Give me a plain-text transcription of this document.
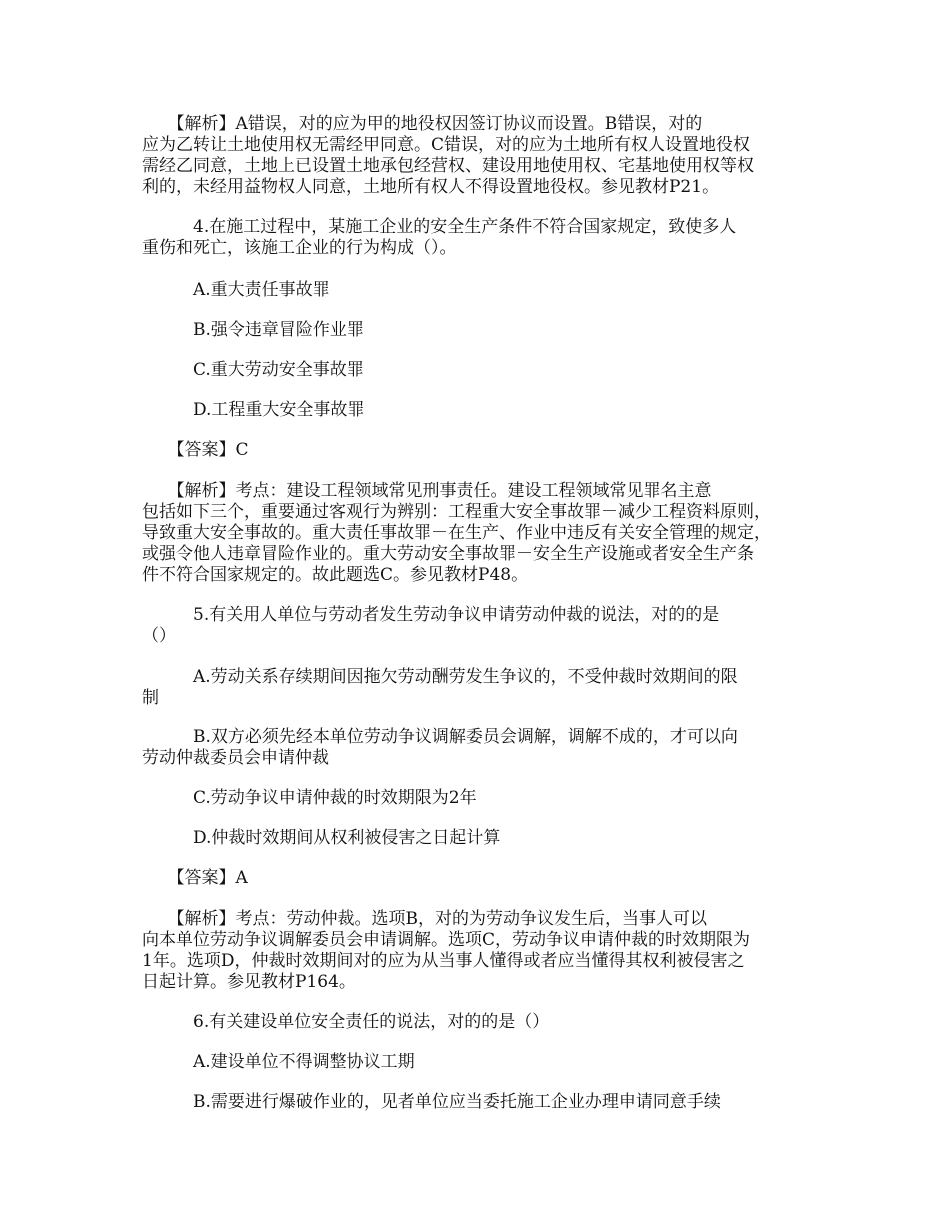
　　【解析】A错误，对的应为甲的地役权因签订协议而设置。B错误，对的
应为乙转让土地使用权无需经甲同意。C错误，对的应为土地所有权人设置地役权
需经乙同意，土地上已设置土地承包经营权、建设用地使用权、宅基地使用权等权
利的，未经用益物权人同意，土地所有权人不得设置地役权。参见教材P21。

　　　4.在施工过程中，某施工企业的安全生产条件不符合国家规定，致使多人
重伤和死亡，该施工企业的行为构成（）。

　　　A.重大责任事故罪

　　　B.强令违章冒险作业罪

　　　C.重大劳动安全事故罪

　　　D.工程重大安全事故罪

　　【答案】C

　　【解析】考点：建设工程领域常见刑事责任。建设工程领域常见罪名主意
包括如下三个，重要通过客观行为辨别：工程重大安全事故罪－减少工程资料原则，
导致重大安全事故的。重大责任事故罪－在生产、作业中违反有关安全管理的规定，
或强令他人违章冒险作业的。重大劳动安全事故罪－安全生产设施或者安全生产条
件不符合国家规定的。故此题选C。参见教材P48。

　　　5.有关用人单位与劳动者发生劳动争议申请劳动仲裁的说法，对的的是
（）

　　　A.劳动关系存续期间因拖欠劳动酬劳发生争议的，不受仲裁时效期间的限
制

　　　B.双方必须先经本单位劳动争议调解委员会调解，调解不成的，才可以向
劳动仲裁委员会申请仲裁

　　　C.劳动争议申请仲裁的时效期限为2年

　　　D.仲裁时效期间从权利被侵害之日起计算

　　【答案】A

　　【解析】考点：劳动仲裁。选项B，对的为劳动争议发生后，当事人可以
向本单位劳动争议调解委员会申请调解。选项C，劳动争议申请仲裁的时效期限为
1年。选项D，仲裁时效期间对的应为从当事人懂得或者应当懂得其权利被侵害之
日起计算。参见教材P164。

　　　6.有关建设单位安全责任的说法，对的的是（）

　　　A.建设单位不得调整协议工期

　　　B.需要进行爆破作业的，见者单位应当委托施工企业办理申请同意手续
